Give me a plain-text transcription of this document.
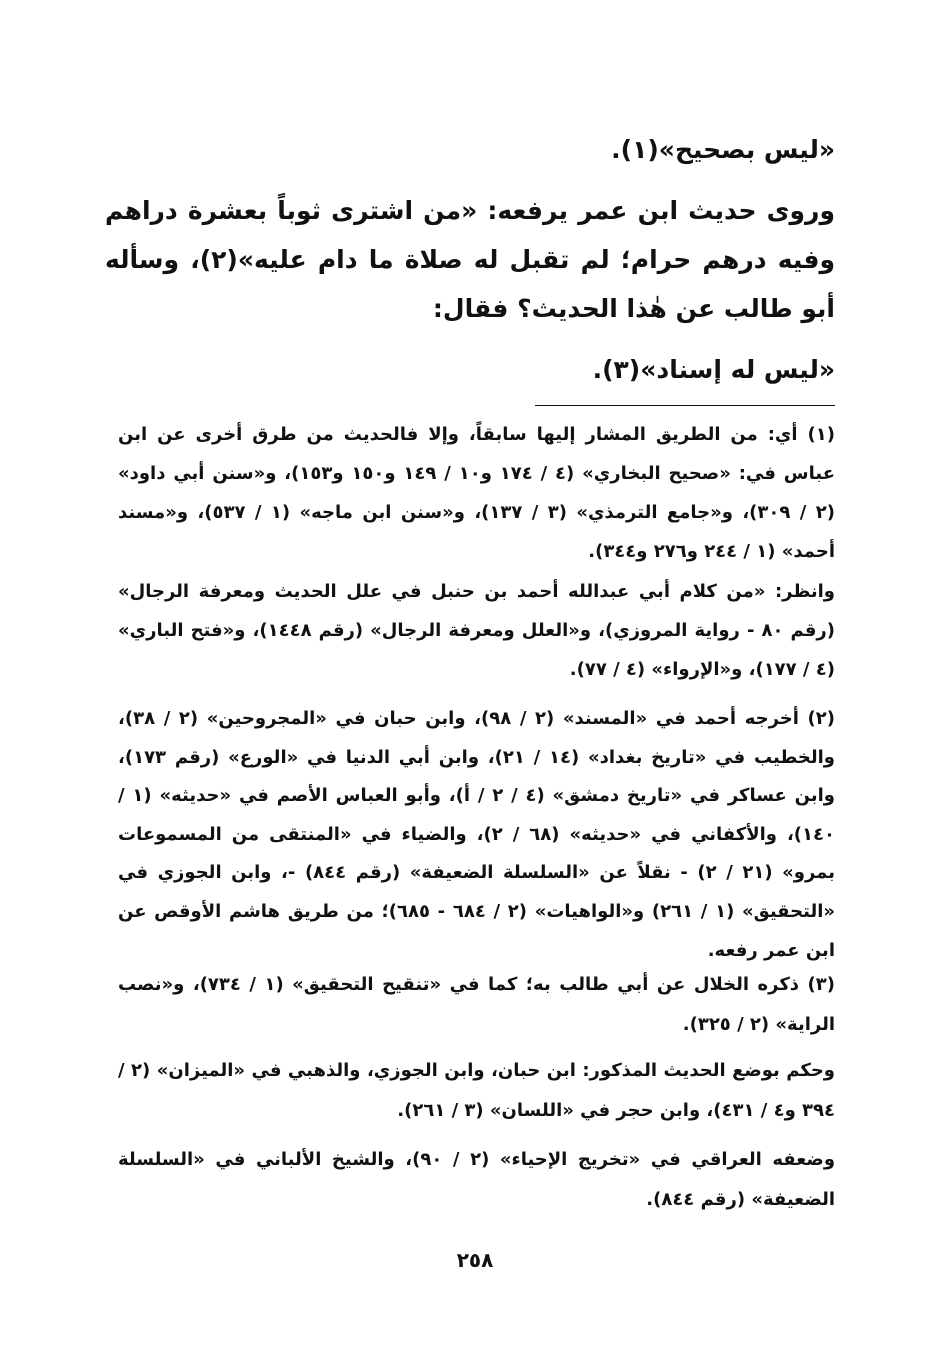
«ليس بصحيح»(١).

وروى حديث ابن عمر يرفعه: «من اشترى ثوباً بعشرة دراهم وفيه درهم حرام؛ لم تقبل له صلاة ما دام عليه»(٢)، وسأله أبو طالب عن هٰذا الحديث؟ فقال:

«ليس له إسناد»(٣).

(١) أي: من الطريق المشار إليها سابقاً، وإلا فالحديث من طرق أخرى عن ابن عباس في: «صحيح البخاري» (٤ / ١٧٤ و١٠ / ١٤٩ و١٥٠ و١٥٣)، و«سنن أبي داود» (٢ / ٣٠٩)، و«جامع الترمذي» (٣ / ١٣٧)، و«سنن ابن ماجه» (١ / ٥٣٧)، و«مسند أحمد» (١ / ٢٤٤ و٢٧٦ و٣٤٤).

وانظر: «من كلام أبي عبدالله أحمد بن حنبل في علل الحديث ومعرفة الرجال» (رقم ٨٠ - رواية المروزي)، و«العلل ومعرفة الرجال» (رقم ١٤٤٨)، و«فتح الباري» (٤ / ١٧٧)، و«الإرواء» (٤ / ٧٧).

(٢) أخرجه أحمد في «المسند» (٢ / ٩٨)، وابن حبان في «المجروحين» (٢ / ٣٨)، والخطيب في «تاريخ بغداد» (١٤ / ٢١)، وابن أبي الدنيا في «الورع» (رقم ١٧٣)، وابن عساكر في «تاريخ دمشق» (٤ / ٢ / أ)، وأبو العباس الأصم في «حديثه» (١ / ١٤٠)، والأكفاني في «حديثه» (٦٨ / ٢)، والضياء في «المنتقى من المسموعات بمرو» (٢١ / ٢) - نقلاً عن «السلسلة الضعيفة» (رقم ٨٤٤) -، وابن الجوزي في «التحقيق» (١ / ٢٦١) و«الواهيات» (٢ / ٦٨٤ - ٦٨٥)؛ من طريق هاشم الأوقص عن ابن عمر رفعه.

(٣) ذكره الخلال عن أبي طالب به؛ كما في «تنقيح التحقيق» (١ / ٧٣٤)، و«نصب الراية» (٢ / ٣٢٥).

وحكم بوضع الحديث المذكور: ابن حبان، وابن الجوزي، والذهبي في «الميزان» (٢ / ٣٩٤ و٤ / ٤٣١)، وابن حجر في «اللسان» (٣ / ٢٦١).

وضعفه العراقي في «تخريج الإحياء» (٢ / ٩٠)، والشيخ الألباني في «السلسلة الضعيفة» (رقم ٨٤٤).

٢٥٨
